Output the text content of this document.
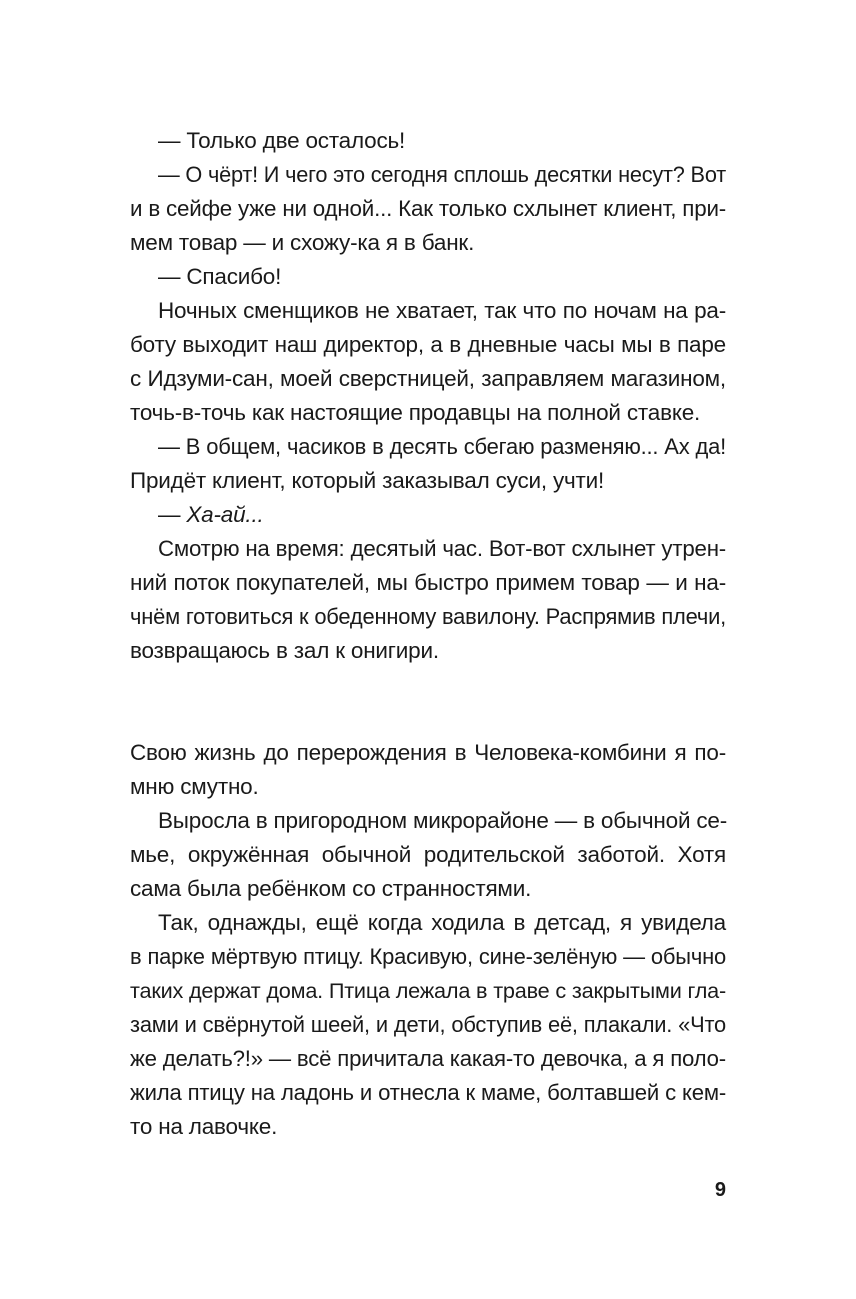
— Только две осталось!
— О чёрт! И чего это сегодня сплошь десятки несут? Вот
и в сейфе уже ни одной... Как только схлынет клиент, при-
мем товар — и схожу-ка я в банк.
— Спасибо!
Ночных сменщиков не хватает, так что по ночам на ра-
боту выходит наш директор, а в дневные часы мы в паре
с Идзуми-сан, моей сверстницей, заправляем магазином,
точь-в-точь как настоящие продавцы на полной ставке.
— В общем, часиков в десять сбегаю разменяю... Ах да!
Придёт клиент, который заказывал суси, учти!
— Ха-ай...
Смотрю на время: десятый час. Вот-вот схлынет утрен-
ний поток покупателей, мы быстро примем товар — и на-
чнём готовиться к обеденному вавилону. Распрямив плечи,
возвращаюсь в зал к онигири.
Свою жизнь до перерождения в Человека-комбини я по-
мню смутно.
Выросла в пригородном микрорайоне — в обычной се-
мье, окружённая обычной родительской заботой. Хотя
сама была ребёнком со странностями.
Так, однажды, ещё когда ходила в детсад, я увидела
в парке мёртвую птицу. Красивую, сине-зелёную — обычно
таких держат дома. Птица лежала в траве с закрытыми гла-
зами и свёрнутой шеей, и дети, обступив её, плакали. «Что
же делать?!» — всё причитала какая-то девочка, а я поло-
жила птицу на ладонь и отнесла к маме, болтавшей с кем-
то на лавочке.
9
